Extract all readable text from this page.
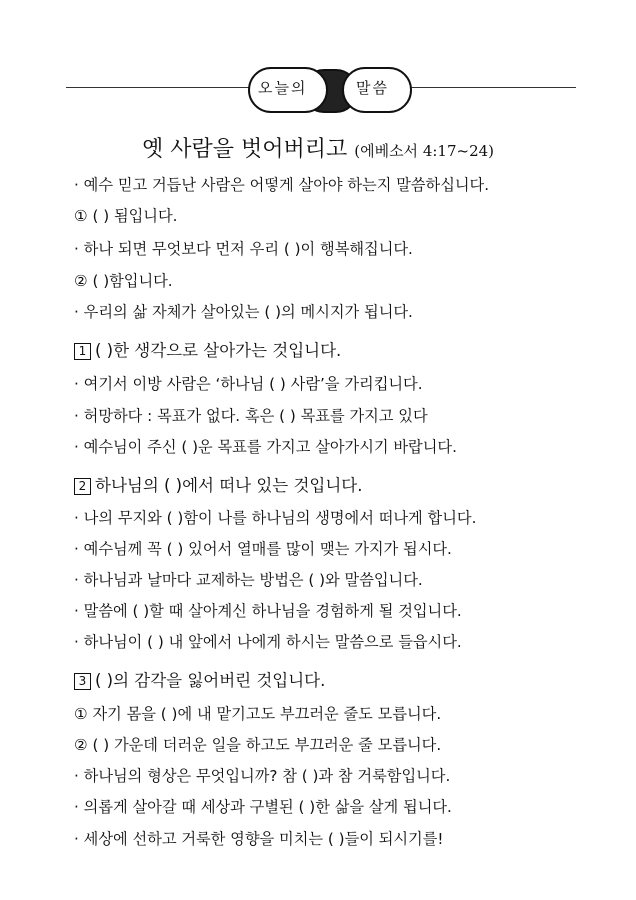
오늘의	말씀
옛 사람을 벗어버리고 (에베소서 4:17~24)
· 예수 믿고 거듭난 사람은 어떻게 살아야 하는지 말씀하십니다.
① ( ) 됨입니다.
· 하나 되면 무엇보다 먼저 우리 ( )이 행복해집니다.
② ( )함입니다.
· 우리의 삶 자체가 살아있는 ( )의 메시지가 됩니다.
1 ( )한 생각으로 살아가는 것입니다.
· 여기서 이방 사람은 ‘하나님 ( ) 사람’을 가리킵니다.
· 허망하다 : 목표가 없다. 혹은 ( ) 목표를 가지고 있다
· 예수님이 주신 ( )운 목표를 가지고 살아가시기 바랍니다.
2 하나님의 ( )에서 떠나 있는 것입니다.
· 나의 무지와 ( )함이 나를 하나님의 생명에서 떠나게 합니다.
· 예수님께 꼭 ( ) 있어서 열매를 많이 맺는 가지가 됩시다.
· 하나님과 날마다 교제하는 방법은 ( )와 말씀입니다.
· 말씀에 ( )할 때 살아계신 하나님을 경험하게 될 것입니다.
· 하나님이 ( ) 내 앞에서 나에게 하시는 말씀으로 들읍시다.
3 ( )의 감각을 잃어버린 것입니다.
① 자기 몸을 ( )에 내 맡기고도 부끄러운 줄도 모릅니다.
② ( ) 가운데 더러운 일을 하고도 부끄러운 줄 모릅니다.
· 하나님의 형상은 무엇입니까? 참 ( )과 참 거룩함입니다.
· 의롭게 살아갈 때 세상과 구별된 ( )한 삶을 살게 됩니다.
· 세상에 선하고 거룩한 영향을 미치는 ( )들이 되시기를!
